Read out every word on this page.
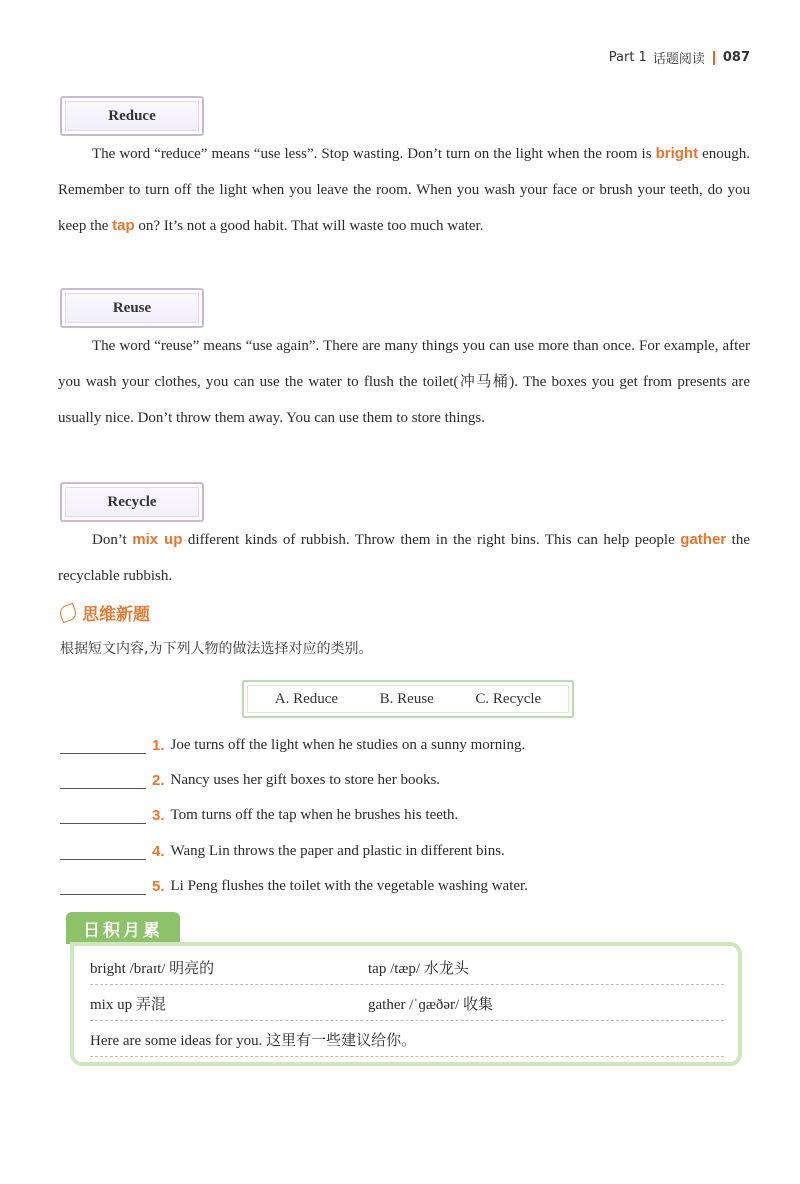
Part 1 话题阅读 087
Reduce

The word “reduce” means “use less”. Stop wasting. Don’t turn on the light when the room is bright enough. Remember to turn off the light when you leave the room. When you wash your face or brush your teeth, do you keep the tap on? It’s not a good habit. That will waste too much water.

Reuse

The word “reuse” means “use again”. There are many things you can use more than once. For example, after you wash your clothes, you can use the water to flush the toilet(冲马桶). The boxes you get from presents are usually nice. Don’t throw them away. You can use them to store things.

Recycle

Don’t mix up different kinds of rubbish. Throw them in the right bins. This can help people gather the recyclable rubbish.

思维新题
根据短文内容,为下列人物的做法选择对应的类别。
A. Reduce	B. Reuse	C. Recycle
1. Joe turns off the light when he studies on a sunny morning.
2. Nancy uses her gift boxes to store her books.
3. Tom turns off the tap when he brushes his teeth.
4. Wang Lin throws the paper and plastic in different bins.
5. Li Peng flushes the toilet with the vegetable washing water.
日积月累
bright /braɪt/ 明亮的	tap /tæp/ 水龙头
mix up 弄混	gather /ˈɡæðər/ 收集
Here are some ideas for you. 这里有一些建议给你。
